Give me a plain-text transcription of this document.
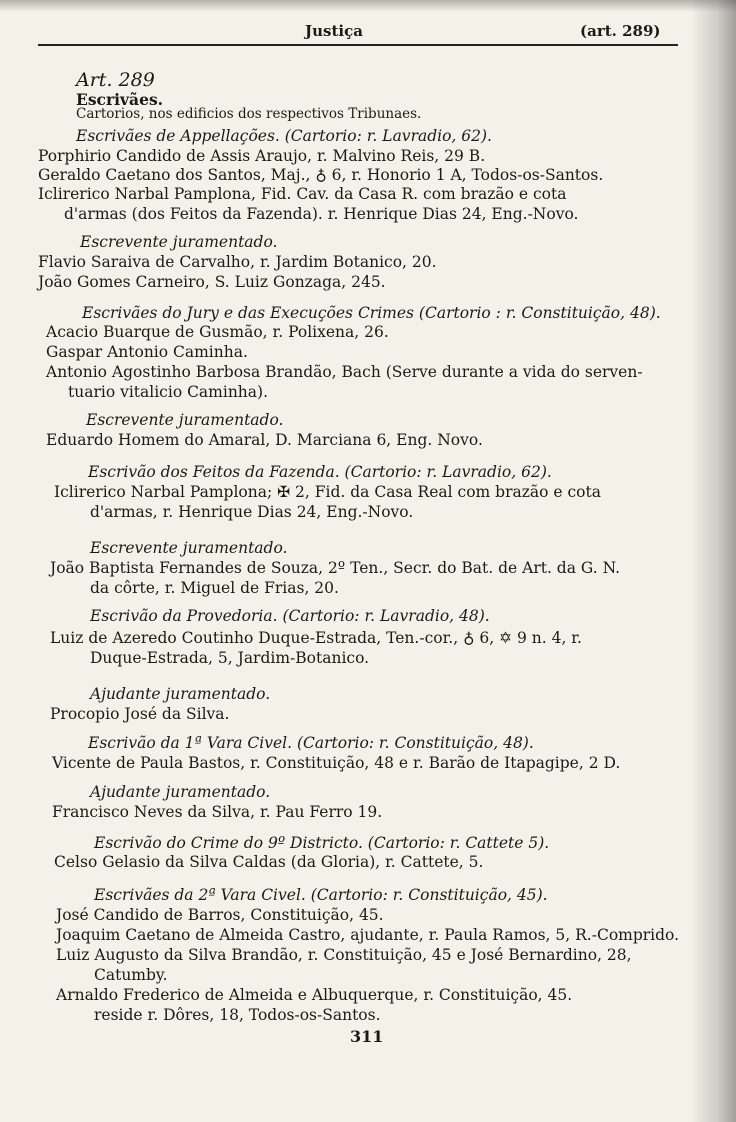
Justiça	(art. 289)
Art. 289
Escrivães.
Cartorios, nos edificios dos respectivos Tribunaes.
Escrivães de Appellações. (Cartorio: r. Lavradio, 62).
Porphirio Candido de Assis Araujo, r. Malvino Reis, 29 B.
Geraldo Caetano dos Santos, Maj., ♁ 6, r. Honorio 1 A, Todos-os-Santos.
Iclirerico Narbal Pamplona, Fid. Cav. da Casa R. com brazão e cota
d'armas (dos Feitos da Fazenda). r. Henrique Dias 24, Eng.-Novo.
Escrevente juramentado.
Flavio Saraiva de Carvalho, r. Jardim Botanico, 20.
João Gomes Carneiro, S. Luiz Gonzaga, 245.
Escrivães do Jury e das Execuções Crimes (Cartorio : r. Constituição, 48).
Acacio Buarque de Gusmão, r. Polixena, 26.
Gaspar Antonio Caminha.
Antonio Agostinho Barbosa Brandão, Bach (Serve durante a vida do serven-
tuario vitalicio Caminha).
Escrevente juramentado.
Eduardo Homem do Amaral, D. Marciana 6, Eng. Novo.
Escrivão dos Feitos da Fazenda. (Cartorio: r. Lavradio, 62).
Iclirerico Narbal Pamplona; ✠ 2, Fid. da Casa Real com brazão e cota
d'armas, r. Henrique Dias 24, Eng.-Novo.
Escrevente juramentado.
João Baptista Fernandes de Souza, 2º Ten., Secr. do Bat. de Art. da G. N.
da côrte, r. Miguel de Frias, 20.
Escrivão da Provedoria. (Cartorio: r. Lavradio, 48).
Luiz de Azeredo Coutinho Duque-Estrada, Ten.-cor., ♁ 6, ✡ 9 n. 4, r.
Duque-Estrada, 5, Jardim-Botanico.
Ajudante juramentado.
Procopio José da Silva.
Escrivão da 1ª Vara Civel. (Cartorio: r. Constituição, 48).
Vicente de Paula Bastos, r. Constituição, 48 e r. Barão de Itapagipe, 2 D.
Ajudante juramentado.
Francisco Neves da Silva, r. Pau Ferro 19.
Escrivão do Crime do 9º Districto. (Cartorio: r. Cattete 5).
Celso Gelasio da Silva Caldas (da Gloria), r. Cattete, 5.
Escrivães da 2ª Vara Civel. (Cartorio: r. Constituição, 45).
José Candido de Barros, Constituição, 45.
Joaquim Caetano de Almeida Castro, ajudante, r. Paula Ramos, 5, R.-Comprido.
Luiz Augusto da Silva Brandão, r. Constituição, 45 e José Bernardino, 28,
Catumby.
Arnaldo Frederico de Almeida e Albuquerque, r. Constituição, 45.
reside r. Dôres, 18, Todos-os-Santos.
311
